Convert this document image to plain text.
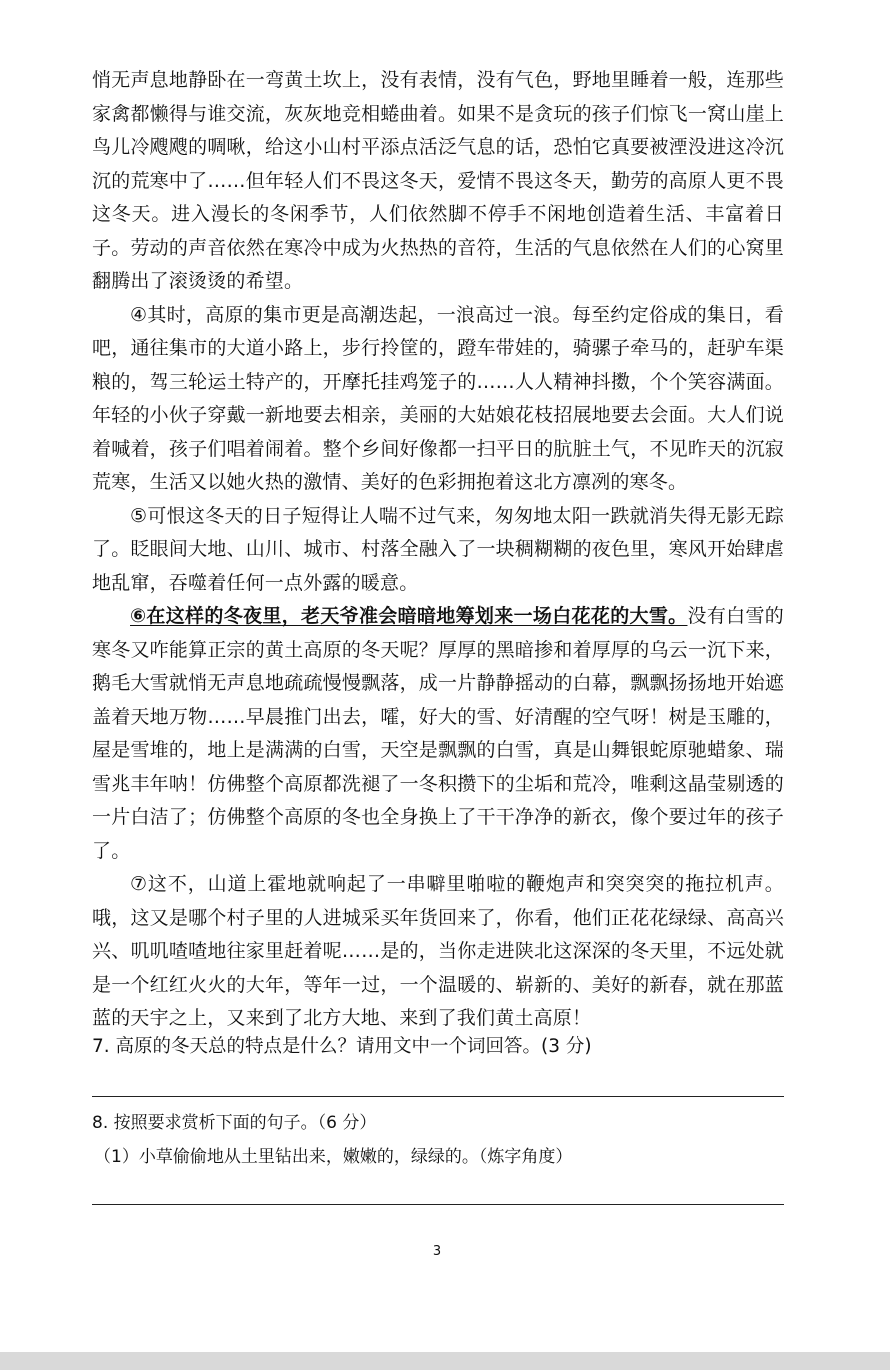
悄无声息地静卧在一弯黄土坎上，没有表情，没有气色，野地里睡着一般，连那些家禽都懒得与谁交流，灰灰地竞相蜷曲着。如果不是贪玩的孩子们惊飞一窝山崖上鸟儿冷飕飕的啁啾，给这小山村平添点活泛气息的话，恐怕它真要被湮没进这冷沉沉的荒寒中了……但年轻人们不畏这冬天，爱情不畏这冬天，勤劳的高原人更不畏这冬天。进入漫长的冬闲季节，人们依然脚不停手不闲地创造着生活、丰富着日子。劳动的声音依然在寒冷中成为火热热的音符，生活的气息依然在人们的心窝里翻腾出了滚烫烫的希望。

④其时，高原的集市更是高潮迭起，一浪高过一浪。每至约定俗成的集日，看吧，通往集市的大道小路上，步行拎筐的，蹬车带娃的，骑骡子牵马的，赶驴车渠粮的，驾三轮运土特产的，开摩托挂鸡笼子的……人人精神抖擞，个个笑容满面。年轻的小伙子穿戴一新地要去相亲，美丽的大姑娘花枝招展地要去会面。大人们说着喊着，孩子们唱着闹着。整个乡间好像都一扫平日的肮脏土气，不见昨天的沉寂荒寒，生活又以她火热的激情、美好的色彩拥抱着这北方凛冽的寒冬。

⑤可恨这冬天的日子短得让人喘不过气来，匆匆地太阳一跌就消失得无影无踪了。眨眼间大地、山川、城市、村落全融入了一块稠糊糊的夜色里，寒风开始肆虐地乱窜，吞噬着任何一点外露的暖意。

⑥在这样的冬夜里，老天爷准会暗暗地筹划来一场白花花的大雪。没有白雪的寒冬又咋能算正宗的黄土高原的冬天呢？厚厚的黑暗掺和着厚厚的乌云一沉下来，鹅毛大雪就悄无声息地疏疏慢慢飘落，成一片静静摇动的白幕，飘飘扬扬地开始遮盖着天地万物……早晨推门出去，嚯，好大的雪、好清醒的空气呀！树是玉雕的，屋是雪堆的，地上是满满的白雪，天空是飘飘的白雪，真是山舞银蛇原驰蜡象、瑞雪兆丰年呐！仿佛整个高原都洗褪了一冬积攒下的尘垢和荒冷，唯剩这晶莹剔透的一片白洁了；仿佛整个高原的冬也全身换上了干干净净的新衣，像个要过年的孩子了。

⑦这不，山道上霍地就响起了一串噼里啪啦的鞭炮声和突突突的拖拉机声。哦，这又是哪个村子里的人进城采买年货回来了，你看，他们正花花绿绿、高高兴兴、叽叽喳喳地往家里赶着呢……是的，当你走进陕北这深深的冬天里，不远处就是一个红红火火的大年，等年一过，一个温暖的、崭新的、美好的新春，就在那蓝蓝的天宇之上，又来到了北方大地、来到了我们黄土高原！

7. 高原的冬天总的特点是什么？请用文中一个词回答。(3 分)
8. 按照要求赏析下面的句子。（6 分）
（1）小草偷偷地从土里钻出来，嫩嫩的，绿绿的。（炼字角度）
3
